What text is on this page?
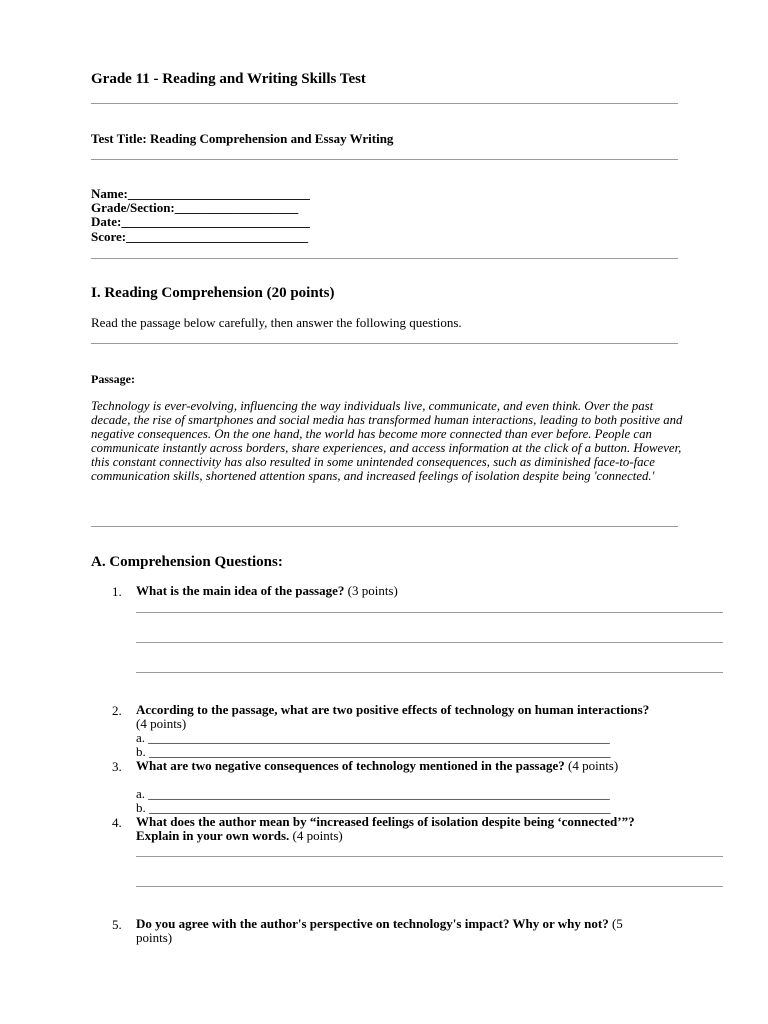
Grade 11 - Reading and Writing Skills Test
Test Title: Reading Comprehension and Essay Writing
Name:____________________________
Grade/Section:___________________
Date:_____________________________
Score:____________________________
I. Reading Comprehension (20 points)
Read the passage below carefully, then answer the following questions.
Passage:

Technology is ever-evolving, influencing the way individuals live, communicate, and even think. Over the past decade, the rise of smartphones and social media has transformed human interactions, leading to both positive and negative consequences. On the one hand, the world has become more connected than ever before. People can communicate instantly across borders, share experiences, and access information at the click of a button. However, this constant connectivity has also resulted in some unintended consequences, such as diminished face-to-face communication skills, shortened attention spans, and increased feelings of isolation despite being 'connected.'

A. Comprehension Questions:
1. What is the main idea of the passage? (3 points)
2. According to the passage, what are two positive effects of technology on human interactions? (4 points)
a. _______________________________________________________________________
b. _______________________________________________________________________
3. What are two negative consequences of technology mentioned in the passage? (4 points)
a. _______________________________________________________________________
b. _______________________________________________________________________
4. What does the author mean by “increased feelings of isolation despite being ‘connected’”? Explain in your own words. (4 points)
5. Do you agree with the author's perspective on technology's impact? Why or why not? (5 points)
